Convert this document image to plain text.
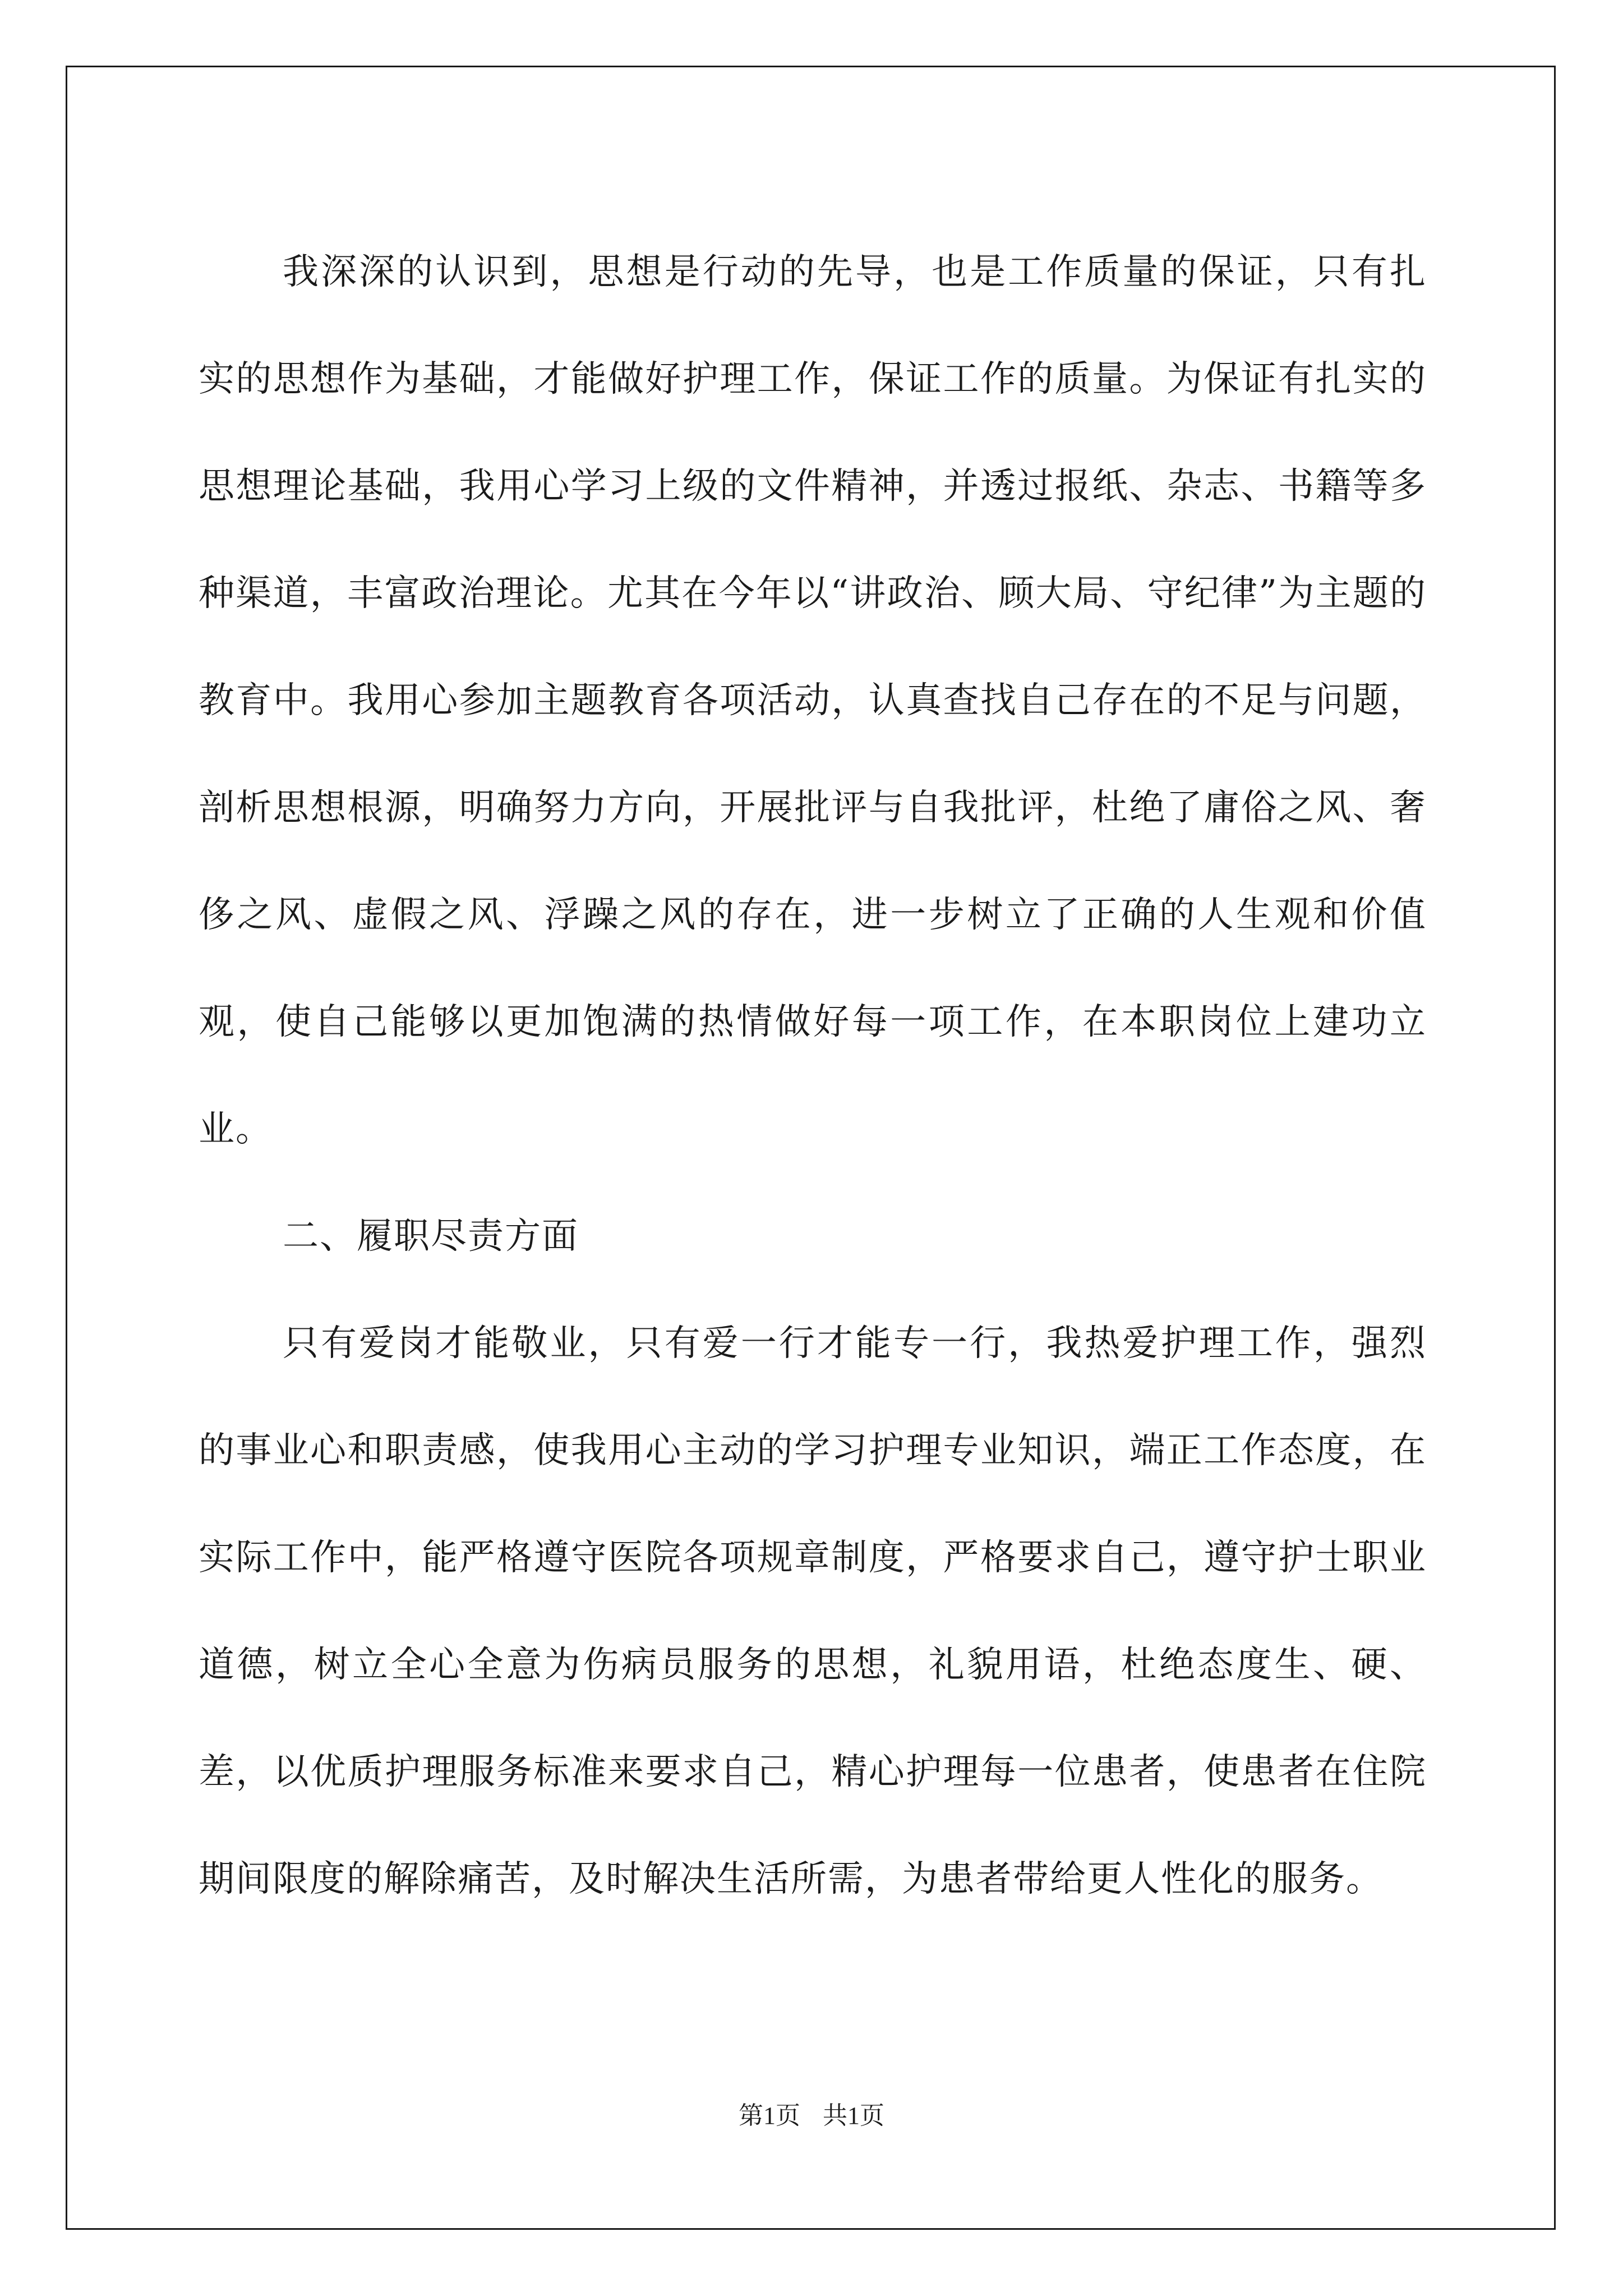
我深深的认识到，思想是行动的先导，也是工作质量的保证，只有扎实的思想作为基础，才能做好护理工作，保证工作的质量。为保证有扎实的思想理论基础，我用心学习上级的文件精神，并透过报纸、杂志、书籍等多种渠道，丰富政治理论。尤其在今年以“讲政治、顾大局、守纪律”为主题的教育中。我用心参加主题教育各项活动，认真查找自己存在的不足与问题，剖析思想根源，明确努力方向，开展批评与自我批评，杜绝了庸俗之风、奢侈之风、虚假之风、浮躁之风的存在，进一步树立了正确的人生观和价值观，使自己能够以更加饱满的热情做好每一项工作，在本职岗位上建功立业。

二、履职尽责方面

只有爱岗才能敬业，只有爱一行才能专一行，我热爱护理工作，强烈的事业心和职责感，使我用心主动的学习护理专业知识，端正工作态度，在实际工作中，能严格遵守医院各项规章制度，严格要求自己，遵守护士职业道德，树立全心全意为伤病员服务的思想，礼貌用语，杜绝态度生、硬、差，以优质护理服务标准来要求自己，精心护理每一位患者，使患者在住院期间限度的解除痛苦，及时解决生活所需，为患者带给更人性化的服务。

第1页 共1页
